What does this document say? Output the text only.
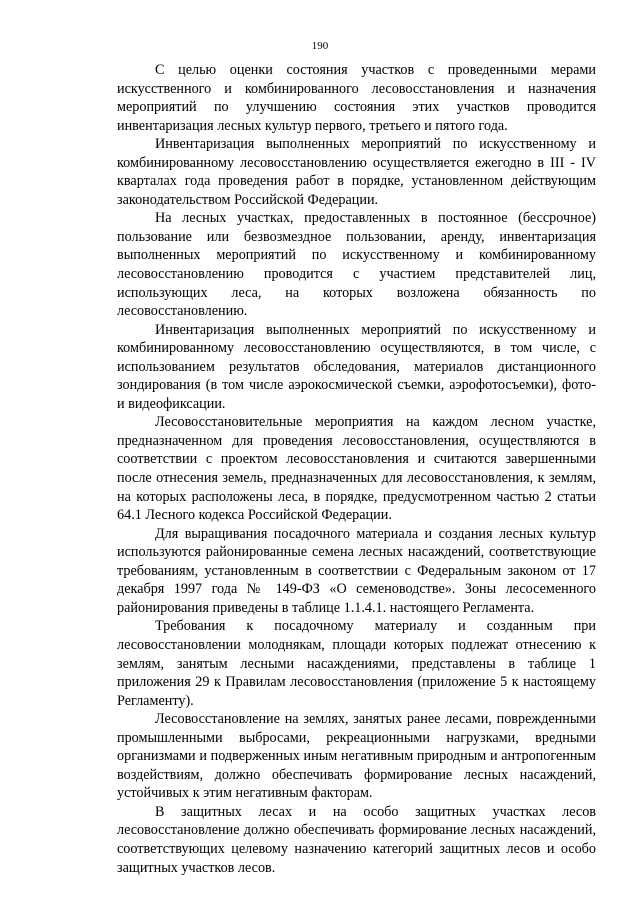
190

С целью оценки состояния участков с проведенными мерами искусственного и комбинированного лесовосстановления и назначения мероприятий по улучшению состояния этих участков проводится инвентаризация лесных культур первого, третьего и пятого года.

Инвентаризация выполненных мероприятий по искусственному и комбинированному лесовосстановлению осуществляется ежегодно в III - IV кварталах года проведения работ в порядке, установленном действующим законодательством Российской Федерации.

На лесных участках, предоставленных в постоянное (бессрочное) пользование или безвозмездное пользовании, аренду, инвентаризация выполненных мероприятий по искусственному и комбинированному лесовосстановлению проводится с участием представителей лиц, использующих леса, на которых возложена обязанность по лесовосстановлению.

Инвентаризация выполненных мероприятий по искусственному и комбинированному лесовосстановлению осуществляются, в том числе, с использованием результатов обследования, материалов дистанционного зондирования (в том числе аэрокосмической съемки, аэрофотосъемки), фото- и видеофиксации.

Лесовосстановительные мероприятия на каждом лесном участке, предназначенном для проведения лесовосстановления, осуществляются в соответствии с проектом лесовосстановления и считаются завершенными после отнесения земель, предназначенных для лесовосстановления, к землям, на которых расположены леса, в порядке, предусмотренном частью 2 статьи 64.1 Лесного кодекса Российской Федерации.

Для выращивания посадочного материала и создания лесных культур используются районированные семена лесных насаждений, соответствующие требованиям, установленным в соответствии с Федеральным законом от 17 декабря 1997 года № 149-ФЗ «О семеноводстве». Зоны лесосеменного районирования приведены в таблице 1.1.4.1. настоящего Регламента.

Требования к посадочному материалу и созданным при лесовосстановлении молоднякам, площади которых подлежат отнесению к землям, занятым лесными насаждениями, представлены в таблице 1 приложения 29 к Правилам лесовосстановления (приложение 5 к настоящему Регламенту).

Лесовосстановление на землях, занятых ранее лесами, поврежденными промышленными выбросами, рекреационными нагрузками, вредными организмами и подверженных иным негативным природным и антропогенным воздействиям, должно обеспечивать формирование лесных насаждений, устойчивых к этим негативным факторам.

В защитных лесах и на особо защитных участках лесов лесовосстановление должно обеспечивать формирование лесных насаждений, соответствующих целевому назначению категорий защитных лесов и особо защитных участков лесов.
